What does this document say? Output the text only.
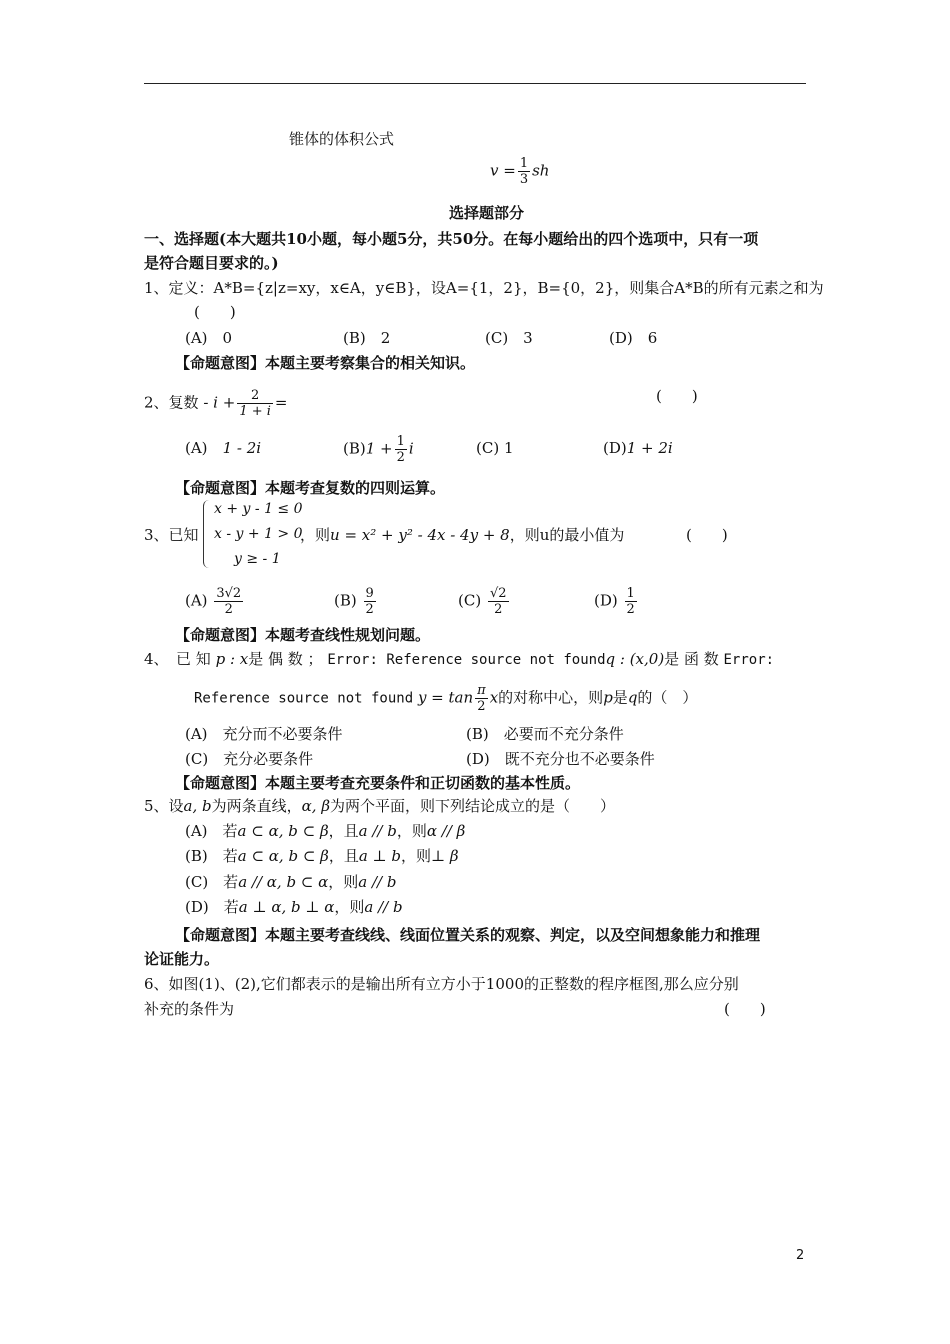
锥体的体积公式
$v = \frac{1}{3}$ sh
选择题部分
一、选择题(本大题共10小题，每小题5分，共50分。在每小题给出的四个选项中，只有一项
是符合题目要求的。)
1、定义：A*B={z|z=xy，x∈A，y∈B}，设A={1，2}，B={0，2}，则集合A*B的所有元素之和为
(　　)
(A)　0	(B)　2	(C)　3	(D)　6
【命题意图】本题主要考察集合的相关知识。
2、复数 - $i + \frac{2}{1 + i}$ =	(　　)
(A)　 1 - 2i	$(B)1 + \frac{1}{2}$ i	(C) 1	(D)1 + 2i
【命题意图】本题考查复数的四则运算。
x + y - 1 ≤ 0
x - y + 1 > 0
y ≥ - 1
3、已知	，则u = x² + y² - 4x - 4y + 8，则u的最小值为	(　　)
$(A) \frac{3√2}{2}$	$(B) \frac{9}{2}$	$(C) \frac{√2}{2}$	$(D) \frac{1}{2}$
【命题意图】本题考查线性规划问题。
4、　已 知 p : x是 偶 数 ； Error: Reference source not foundq : (x,0)是 函 数 Error:
Reference source not found $y = \tan \frac{\pi}{2}$ x的对称中心，则p是q的（　）
(A)　充分而不必要条件	(B)　必要而不充分条件
(C)　充分必要条件	(D)　既不充分也不必要条件
【命题意图】本题主要考查充要条件和正切函数的基本性质。
5、设a, b为两条直线，α, β为两个平面，则下列结论成立的是（　　）
(A)　若a ⊂ α, b ⊂ β，且a // b，则α // β
(B)　若a ⊂ α, b ⊂ β，且a ⊥ b，则⊥ β
(C)　若a // α, b ⊂ α，则a // b
(D)　若a ⊥ α, b ⊥ α，则a // b
【命题意图】本题主要考查线线、线面位置关系的观察、判定，以及空间想象能力和推理
论证能力。
6、如图(1)、(2),它们都表示的是输出所有立方小于1000的正整数的程序框图,那么应分别
补充的条件为	(　　)
2
